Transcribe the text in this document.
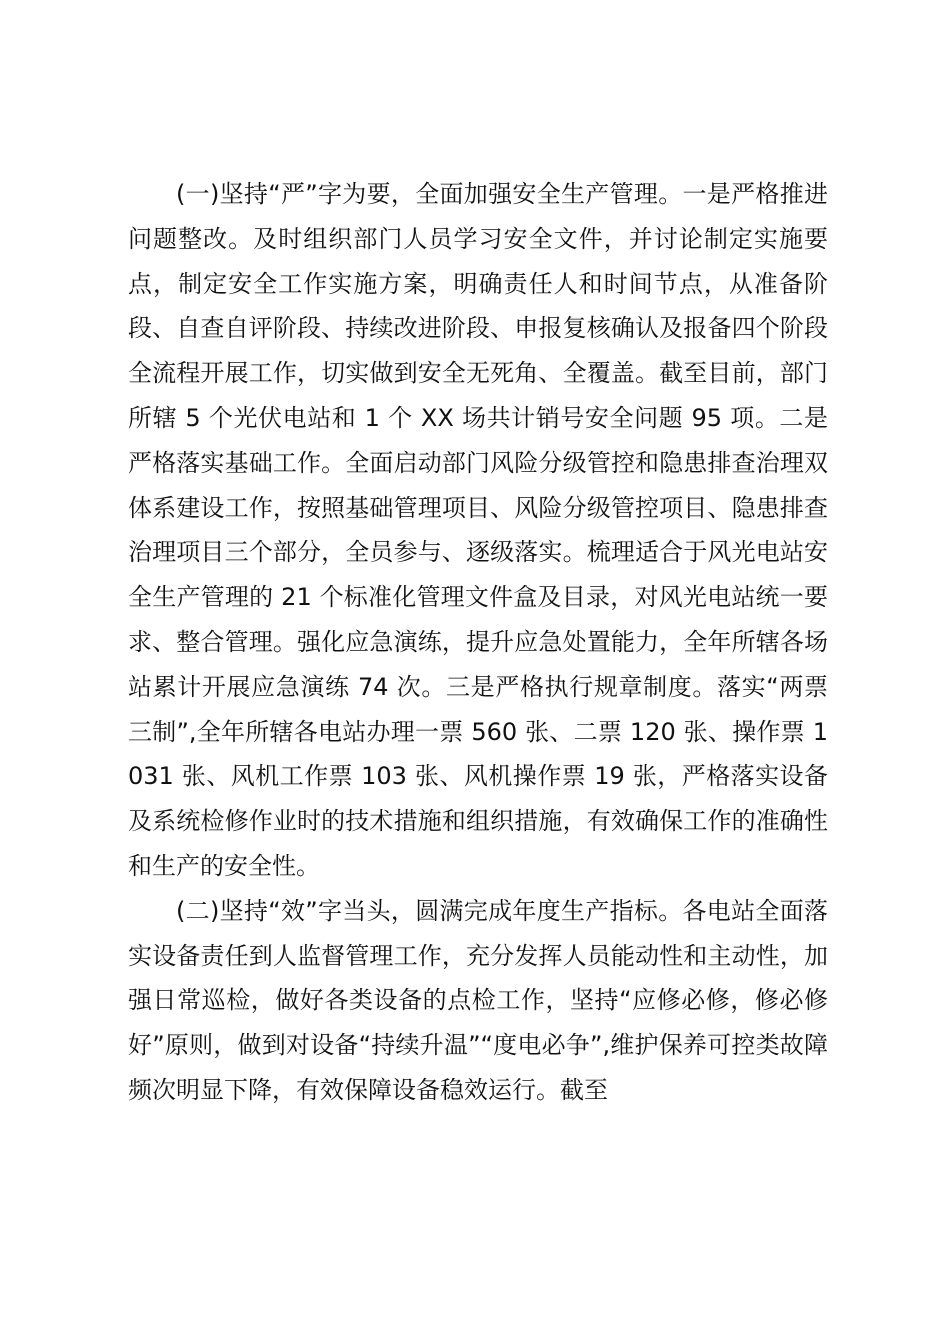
(一)坚持“严”字为要，全面加强安全生产管理。一是严格推进问题整改。及时组织部门人员学习安全文件，并讨论制定实施要点，制定安全工作实施方案，明确责任人和时间节点，从准备阶段、自查自评阶段、持续改进阶段、申报复核确认及报备四个阶段全流程开展工作，切实做到安全无死角、全覆盖。截至目前，部门所辖 5 个光伏电站和 1 个 XX 场共计销号安全问题 95 项。二是严格落实基础工作。全面启动部门风险分级管控和隐患排查治理双体系建设工作，按照基础管理项目、风险分级管控项目、隐患排查治理项目三个部分，全员参与、逐级落实。梳理适合于风光电站安全生产管理的 21 个标准化管理文件盒及目录，对风光电站统一要求、整合管理。强化应急演练，提升应急处置能力，全年所辖各场站累计开展应急演练 74 次。三是严格执行规章制度。落实“两票三制”,全年所辖各电站办理一票 560 张、二票 120 张、操作票 1031 张、风机工作票 103 张、风机操作票 19 张，严格落实设备及系统检修作业时的技术措施和组织措施，有效确保工作的准确性和生产的安全性。

(二)坚持“效”字当头，圆满完成年度生产指标。各电站全面落实设备责任到人监督管理工作，充分发挥人员能动性和主动性，加强日常巡检，做好各类设备的点检工作，坚持“应修必修，修必修好”原则，做到对设备“持续升温”“度电必争”,维护保养可控类故障频次明显下降，有效保障设备稳效运行。截至
